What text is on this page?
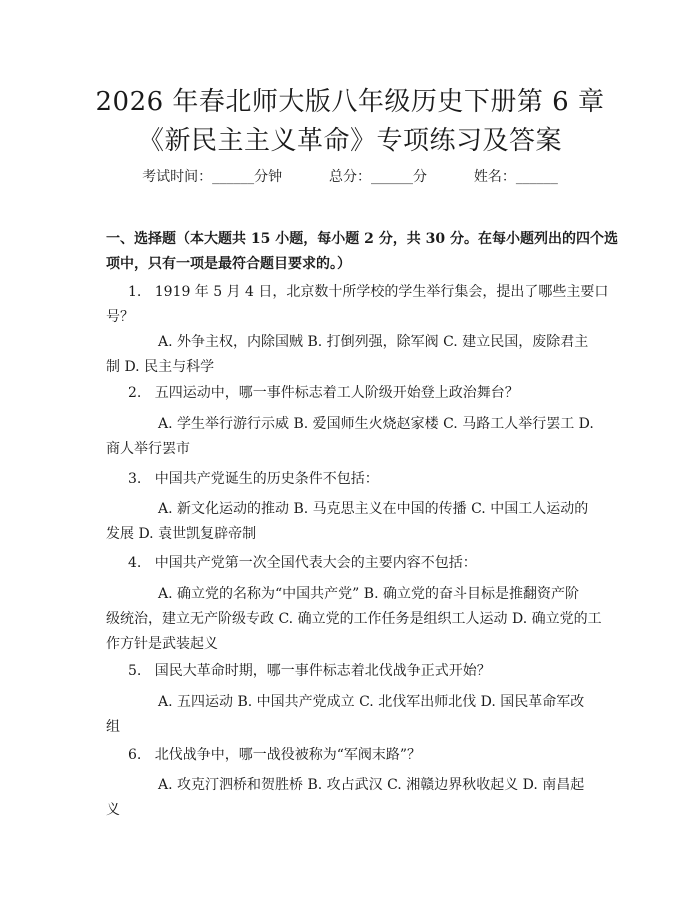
2026 年春北师大版八年级历史下册第 6 章
《新民主主义革命》专项练习及答案
考试时间：______分钟	总分：______分	姓名：______
一、选择题（本大题共 15 小题，每小题 2 分，共 30 分。在每小题列出的四个选
项中，只有一项是最符合题目要求的。）
1. 1919 年 5 月 4 日，北京数十所学校的学生举行集会，提出了哪些主要口
号？
A. 外争主权，内除国贼 B. 打倒列强，除军阀 C. 建立民国，废除君主
制 D. 民主与科学
2. 五四运动中，哪一事件标志着工人阶级开始登上政治舞台？
A. 学生举行游行示威 B. 爱国师生火烧赵家楼 C. 马路工人举行罢工 D.
商人举行罢市
3. 中国共产党诞生的历史条件不包括：
A. 新文化运动的推动 B. 马克思主义在中国的传播 C. 中国工人运动的
发展 D. 袁世凯复辟帝制
4. 中国共产党第一次全国代表大会的主要内容不包括：
A. 确立党的名称为“中国共产党” B. 确立党的奋斗目标是推翻资产阶
级统治，建立无产阶级专政 C. 确立党的工作任务是组织工人运动 D. 确立党的工
作方针是武装起义
5. 国民大革命时期，哪一事件标志着北伐战争正式开始？
A. 五四运动 B. 中国共产党成立 C. 北伐军出师北伐 D. 国民革命军改
组
6. 北伐战争中，哪一战役被称为“军阀末路”？
A. 攻克汀泗桥和贺胜桥 B. 攻占武汉 C. 湘赣边界秋收起义 D. 南昌起
义
